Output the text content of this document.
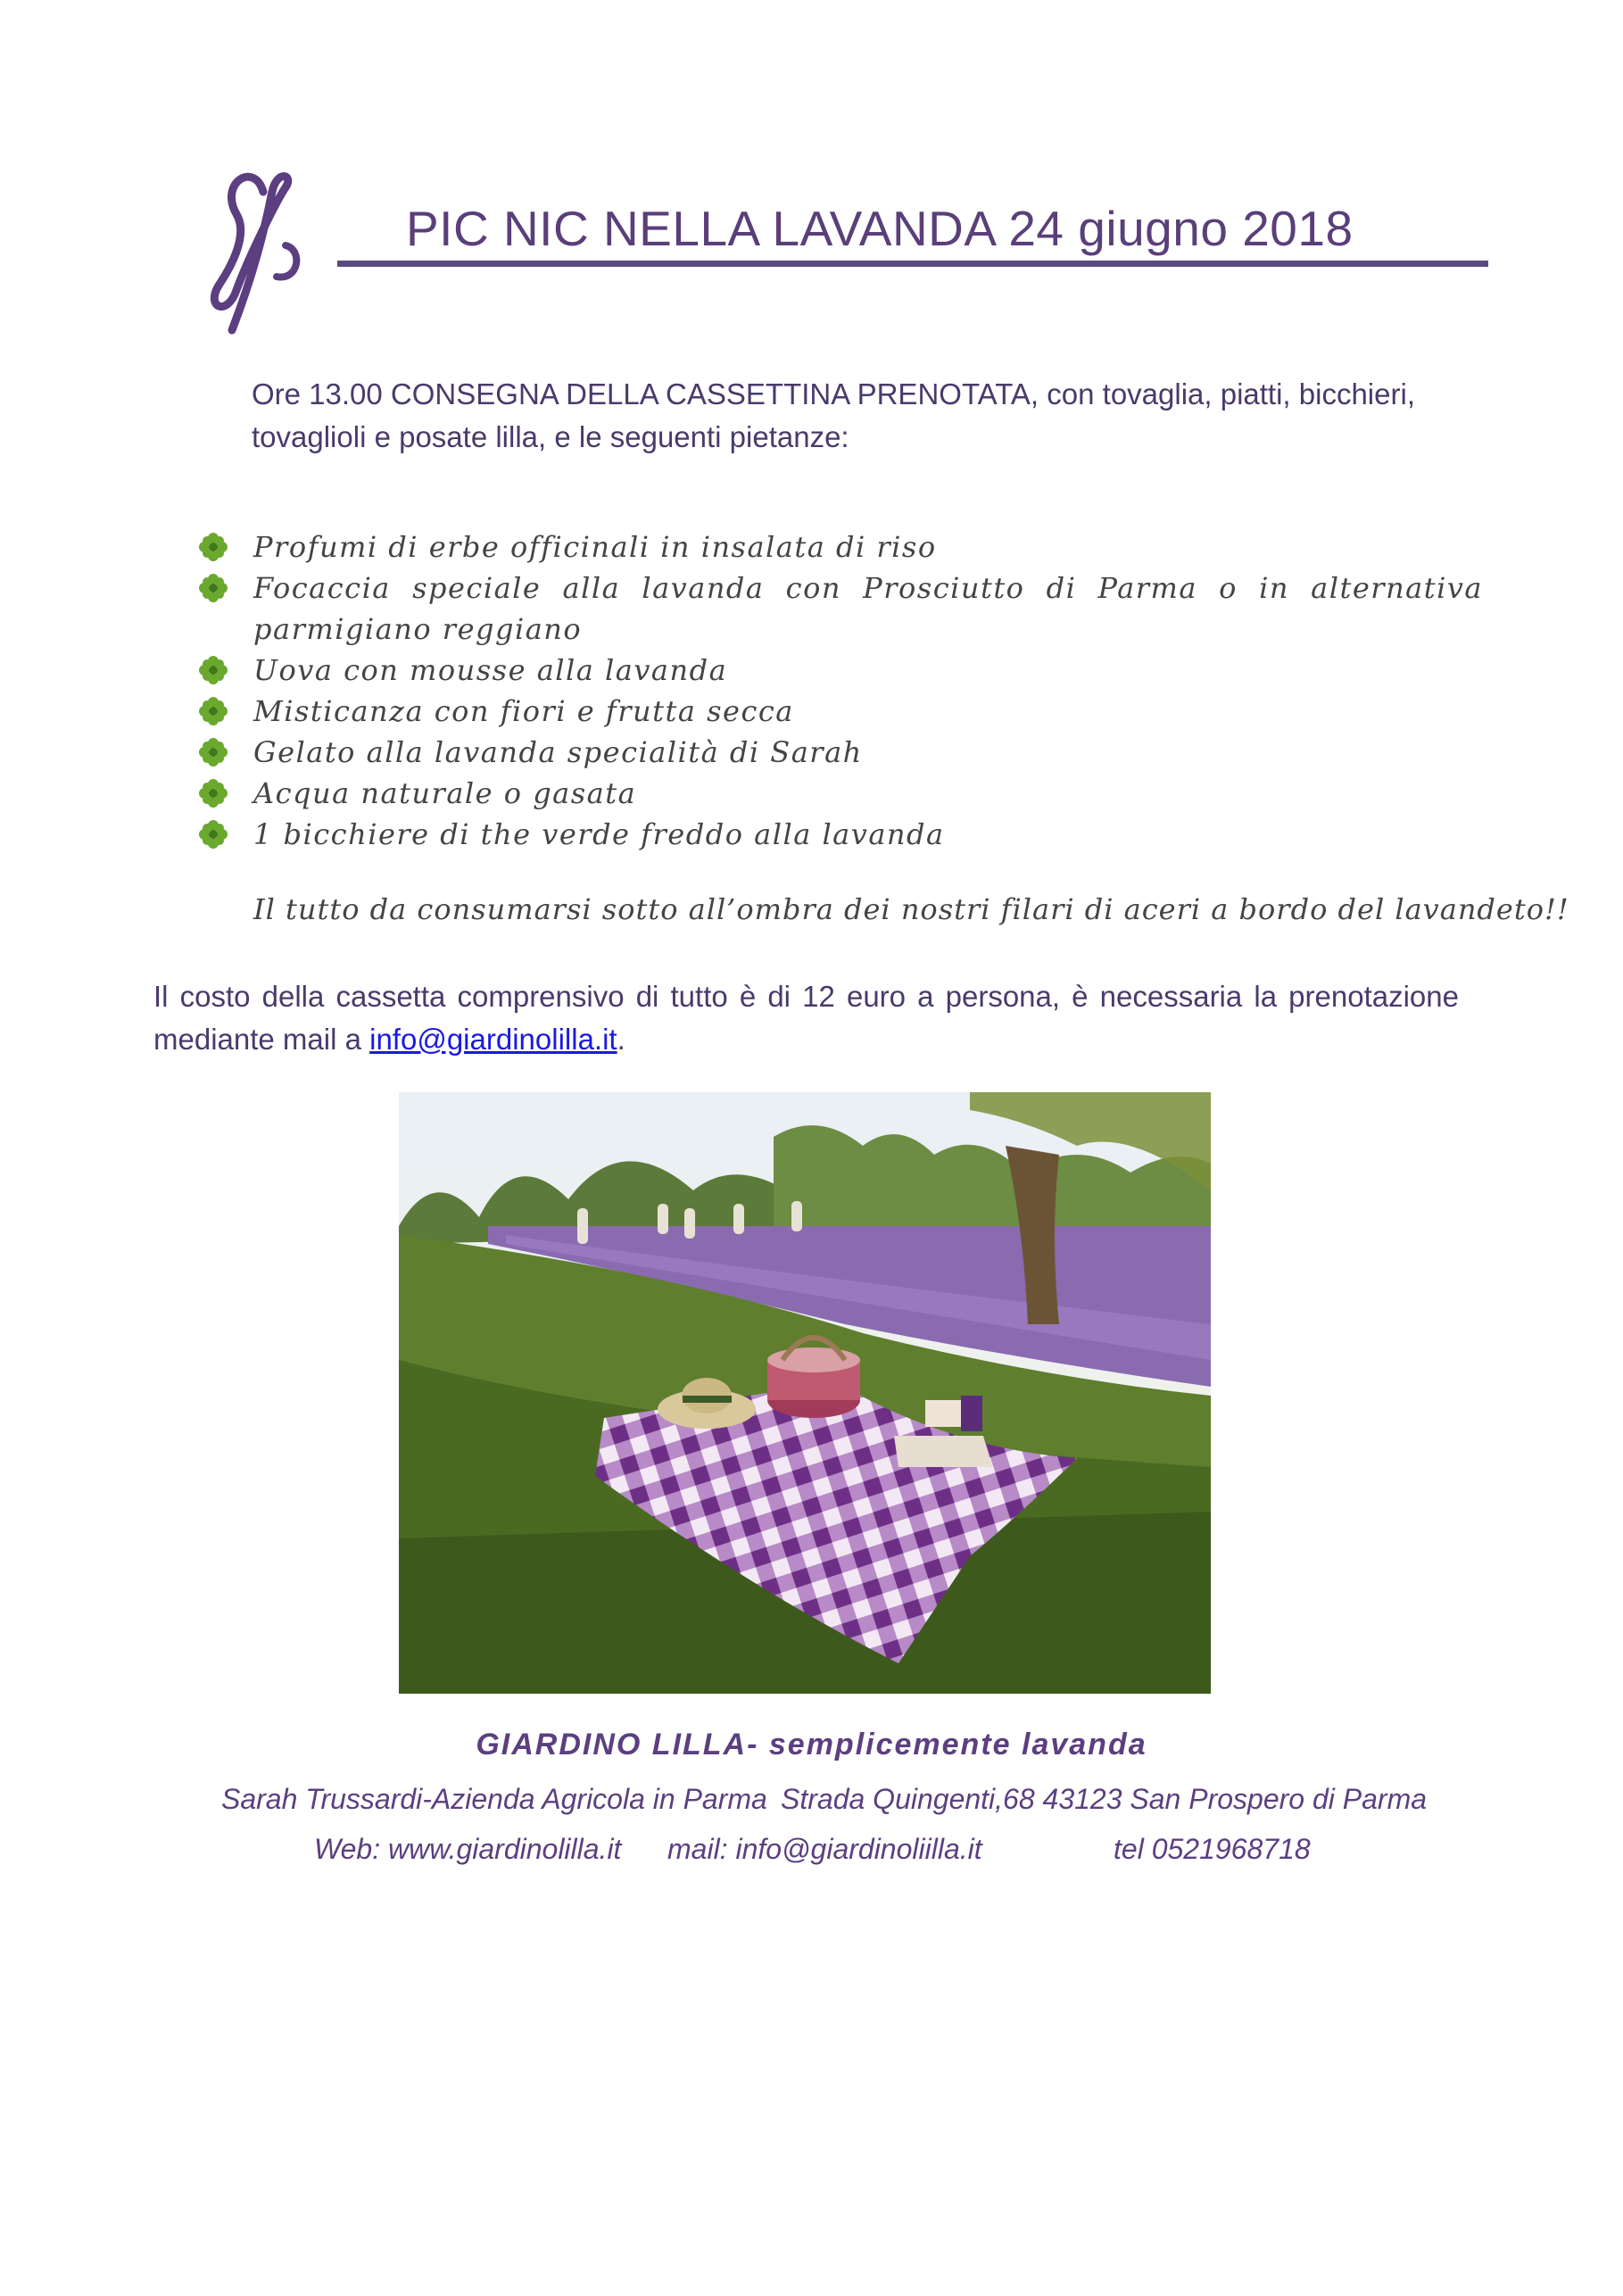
PIC NIC NELLA LAVANDA 24 giugno 2018
Ore 13.00 CONSEGNA DELLA CASSETTINA PRENOTATA, con tovaglia, piatti, bicchieri, tovaglioli e posate lilla, e le seguenti pietanze:
Profumi di erbe officinali in insalata di riso
Focaccia speciale alla lavanda con Prosciutto di Parma o in alternativa parmigiano reggiano
Uova con mousse alla lavanda
Misticanza con fiori e frutta secca
Gelato alla lavanda specialità di Sarah
Acqua naturale o gasata
1 bicchiere di the verde freddo alla lavanda
Il tutto da consumarsi sotto all’ombra dei nostri filari di aceri a bordo del lavandeto!!
Il costo della cassetta comprensivo di tutto è di 12 euro a persona, è necessaria la prenotazione mediante mail a info@giardinolilla.it.
GIARDINO LILLA- semplicemente lavanda
Sarah Trussardi-Azienda Agricola in Parma Strada Quingenti,68 43123 San Prospero di Parma
Web: www.giardinolilla.it mail: info@giardinoliilla.it	tel 0521968718
